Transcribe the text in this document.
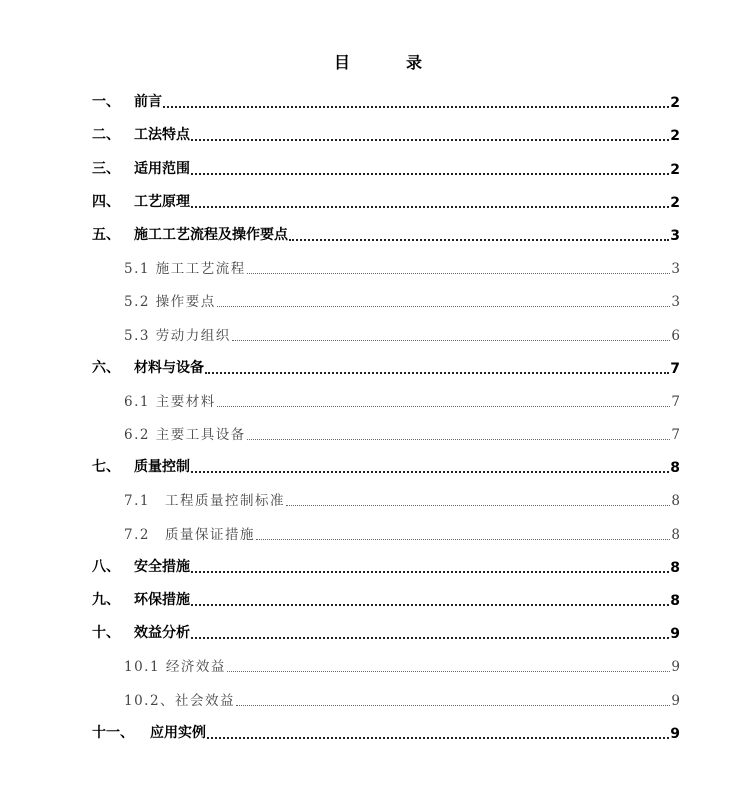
目　录
一、	前言	2
二、	工法特点	2
三、	适用范围	2
四、	工艺原理	2
五、	施工工艺流程及操作要点	3
5.1 施工工艺流程	3
5.2 操作要点	3
5.3 劳动力组织	6
六、	材料与设备	7
6.1 主要材料	7
6.2 主要工具设备	7
七、	质量控制	8
7.1　工程质量控制标准	8
7.2　质量保证措施	8
八、	安全措施	8
九、	环保措施	8
十、	效益分析	9
10.1 经济效益	9
10.2、社会效益	9
十一、	应用实例	9
